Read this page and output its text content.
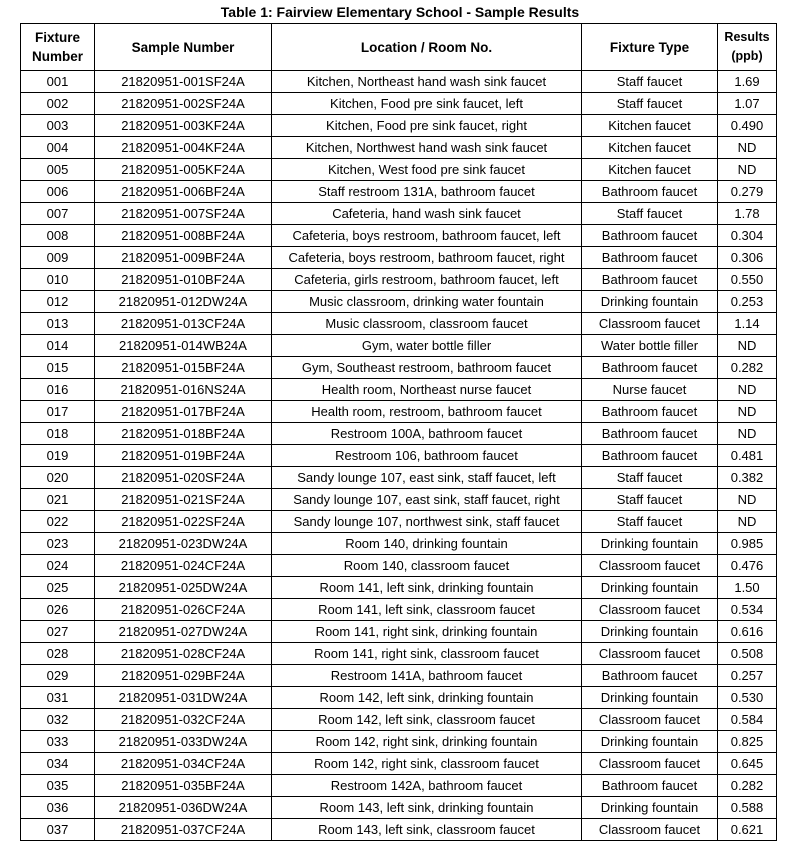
Table 1: Fairview Elementary School - Sample Results
Fixture Number	Sample Number	Location / Room No.	Fixture Type	Results (ppb)
001	21820951-001SF24A	Kitchen, Northeast hand wash sink faucet	Staff faucet	1.69
002	21820951-002SF24A	Kitchen, Food pre sink faucet, left	Staff faucet	1.07
003	21820951-003KF24A	Kitchen, Food pre sink faucet, right	Kitchen faucet	0.490
004	21820951-004KF24A	Kitchen, Northwest hand wash sink faucet	Kitchen faucet	ND
005	21820951-005KF24A	Kitchen, West food pre sink faucet	Kitchen faucet	ND
006	21820951-006BF24A	Staff restroom 131A, bathroom faucet	Bathroom faucet	0.279
007	21820951-007SF24A	Cafeteria, hand wash sink faucet	Staff faucet	1.78
008	21820951-008BF24A	Cafeteria, boys restroom, bathroom faucet, left	Bathroom faucet	0.304
009	21820951-009BF24A	Cafeteria, boys restroom, bathroom faucet, right	Bathroom faucet	0.306
010	21820951-010BF24A	Cafeteria, girls restroom, bathroom faucet, left	Bathroom faucet	0.550
012	21820951-012DW24A	Music classroom, drinking water fountain	Drinking fountain	0.253
013	21820951-013CF24A	Music classroom, classroom faucet	Classroom faucet	1.14
014	21820951-014WB24A	Gym, water bottle filler	Water bottle filler	ND
015	21820951-015BF24A	Gym, Southeast restroom, bathroom faucet	Bathroom faucet	0.282
016	21820951-016NS24A	Health room, Northeast nurse faucet	Nurse faucet	ND
017	21820951-017BF24A	Health room, restroom, bathroom faucet	Bathroom faucet	ND
018	21820951-018BF24A	Restroom 100A, bathroom faucet	Bathroom faucet	ND
019	21820951-019BF24A	Restroom 106, bathroom faucet	Bathroom faucet	0.481
020	21820951-020SF24A	Sandy lounge 107, east sink, staff faucet, left	Staff faucet	0.382
021	21820951-021SF24A	Sandy lounge 107, east sink, staff faucet, right	Staff faucet	ND
022	21820951-022SF24A	Sandy lounge 107, northwest sink, staff faucet	Staff faucet	ND
023	21820951-023DW24A	Room 140, drinking fountain	Drinking fountain	0.985
024	21820951-024CF24A	Room 140, classroom faucet	Classroom faucet	0.476
025	21820951-025DW24A	Room 141, left sink, drinking fountain	Drinking fountain	1.50
026	21820951-026CF24A	Room 141, left sink, classroom faucet	Classroom faucet	0.534
027	21820951-027DW24A	Room 141, right sink, drinking fountain	Drinking fountain	0.616
028	21820951-028CF24A	Room 141, right sink, classroom faucet	Classroom faucet	0.508
029	21820951-029BF24A	Restroom 141A, bathroom faucet	Bathroom faucet	0.257
031	21820951-031DW24A	Room 142, left sink, drinking fountain	Drinking fountain	0.530
032	21820951-032CF24A	Room 142, left sink, classroom faucet	Classroom faucet	0.584
033	21820951-033DW24A	Room 142, right sink, drinking fountain	Drinking fountain	0.825
034	21820951-034CF24A	Room 142, right sink, classroom faucet	Classroom faucet	0.645
035	21820951-035BF24A	Restroom 142A, bathroom faucet	Bathroom faucet	0.282
036	21820951-036DW24A	Room 143, left sink, drinking fountain	Drinking fountain	0.588
037	21820951-037CF24A	Room 143, left sink, classroom faucet	Classroom faucet	0.621
